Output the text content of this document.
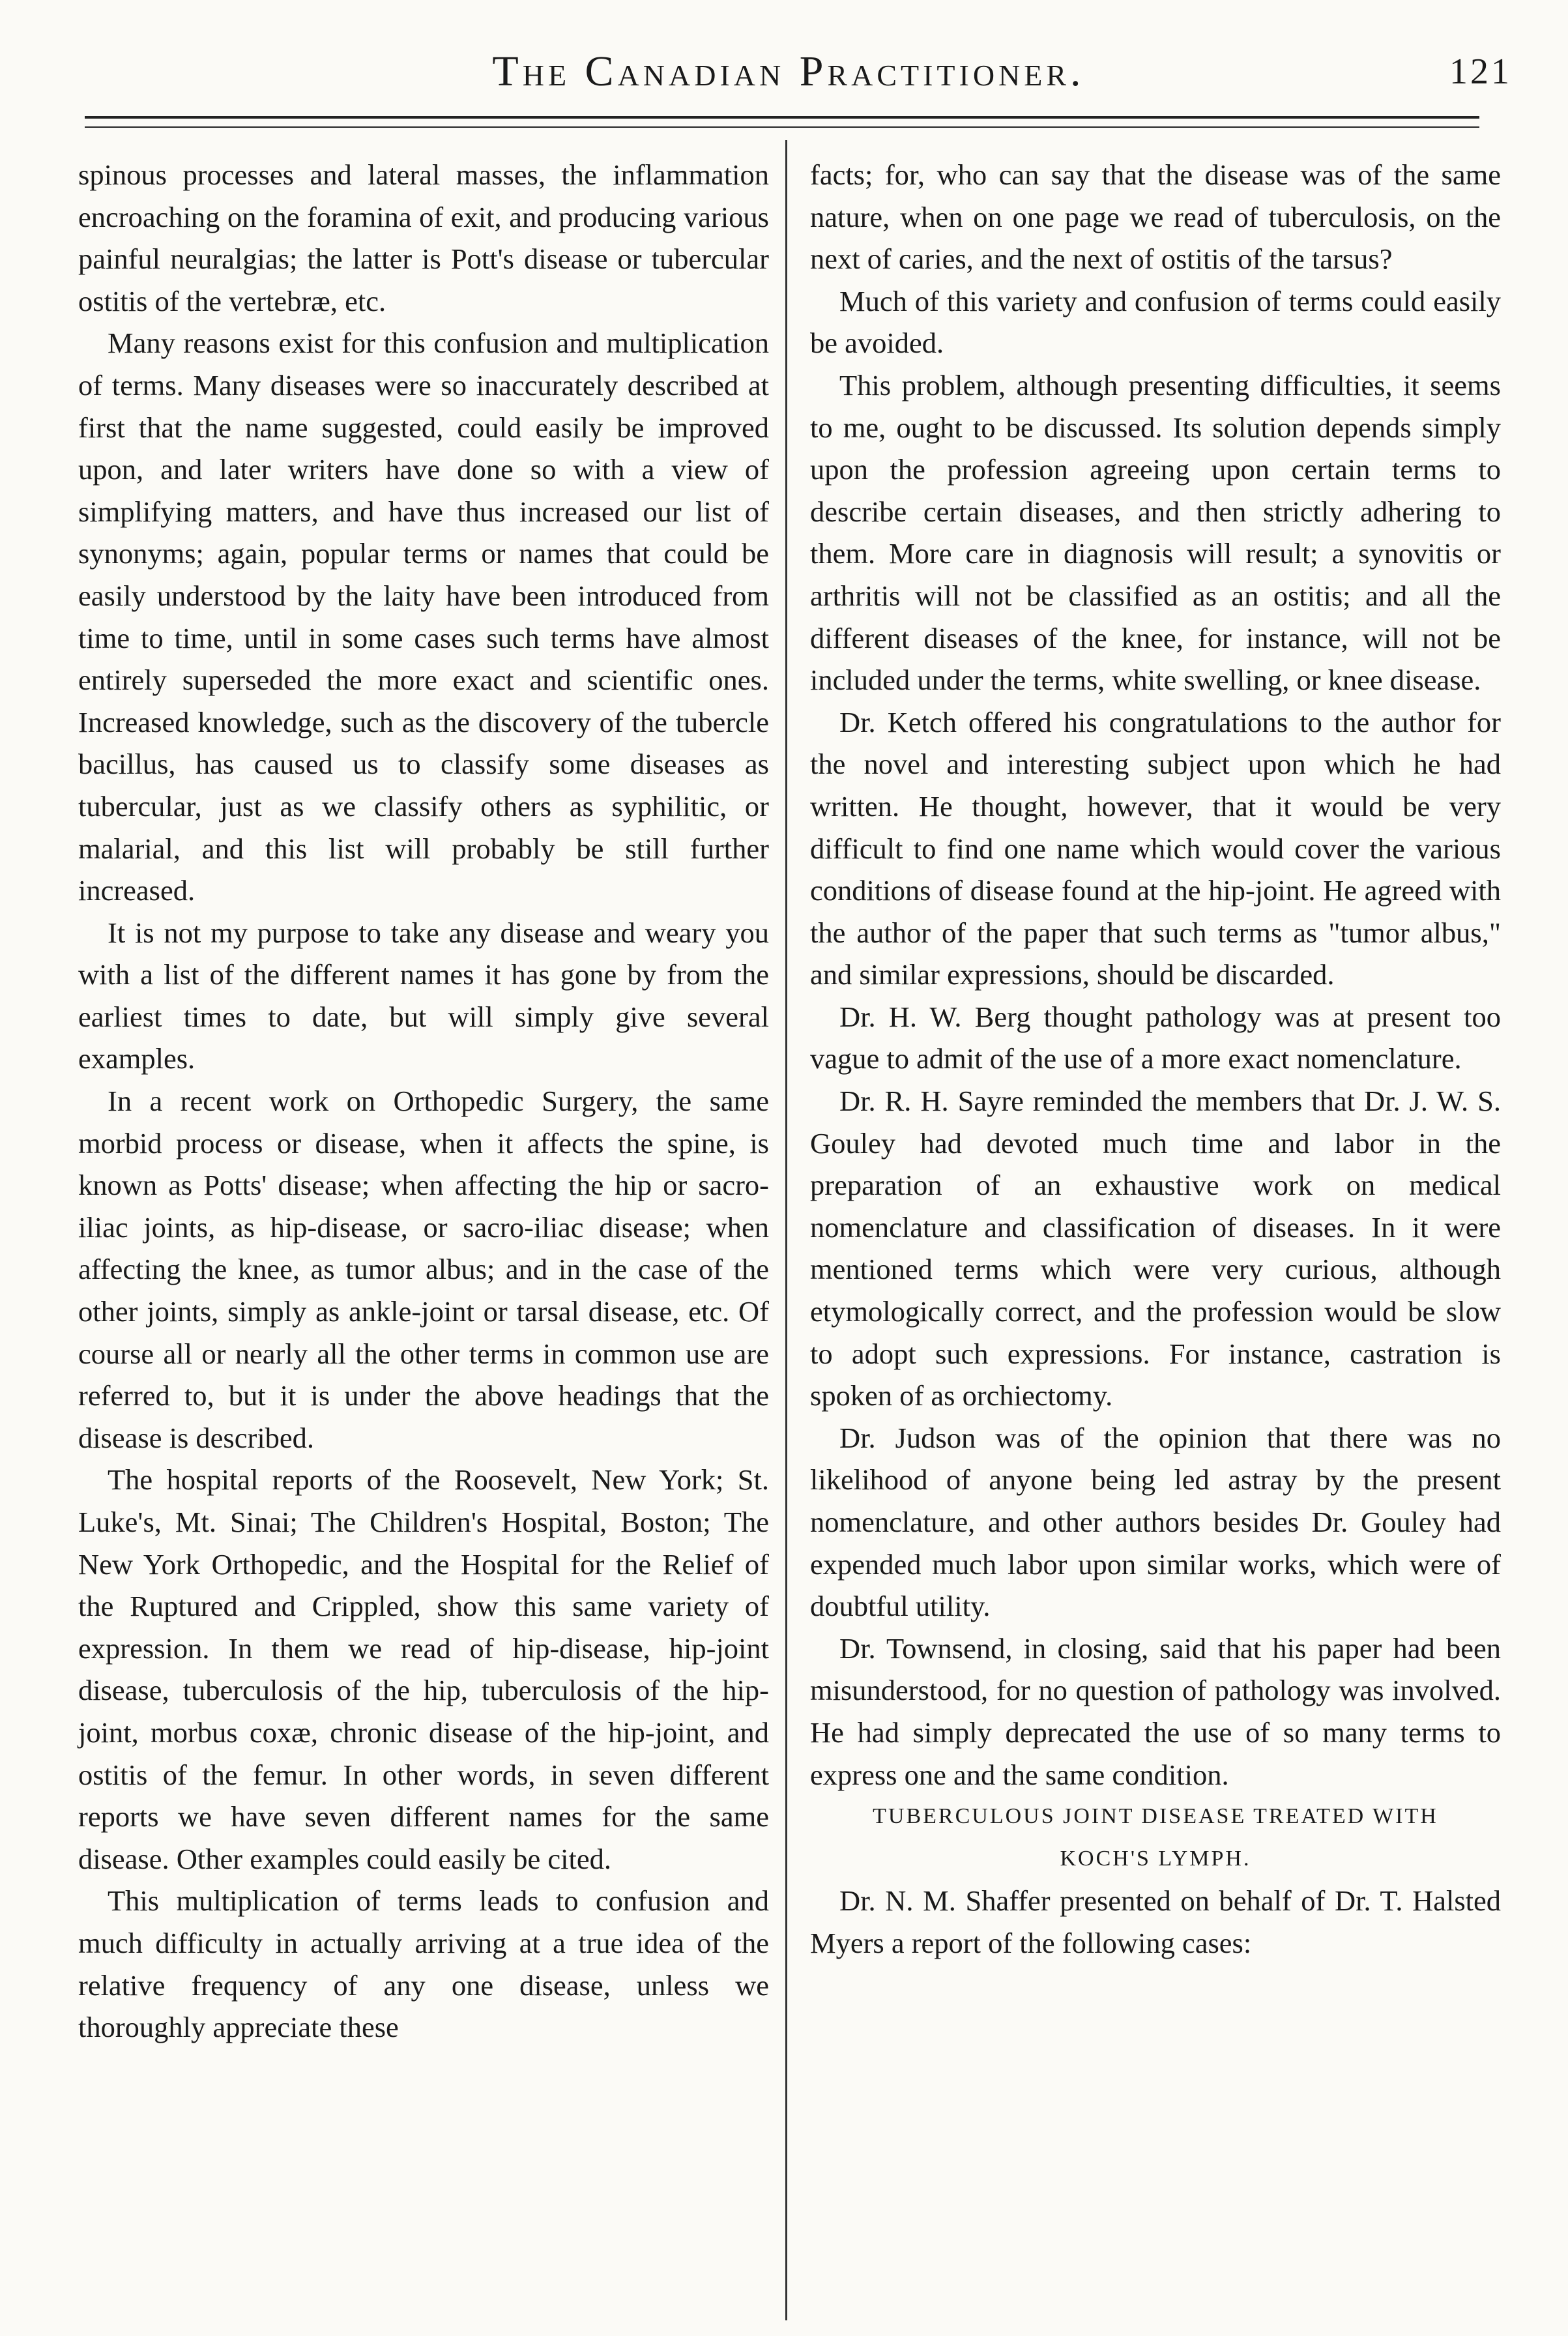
The Canadian Practitioner.	121

spinous processes and lateral masses, the inflammation encroaching on the foramina of exit, and producing various painful neuralgias; the latter is Pott's disease or tubercular ostitis of the vertebræ, etc.

Many reasons exist for this confusion and multiplication of terms. Many diseases were so inaccurately described at first that the name suggested, could easily be improved upon, and later writers have done so with a view of simplifying matters, and have thus increased our list of synonyms; again, popular terms or names that could be easily understood by the laity have been introduced from time to time, until in some cases such terms have almost entirely superseded the more exact and scientific ones. Increased knowledge, such as the discovery of the tubercle bacillus, has caused us to classify some diseases as tubercular, just as we classify others as syphilitic, or malarial, and this list will probably be still further increased.

It is not my purpose to take any disease and weary you with a list of the different names it has gone by from the earliest times to date, but will simply give several examples.

In a recent work on Orthopedic Surgery, the same morbid process or disease, when it affects the spine, is known as Potts' disease; when affecting the hip or sacro-iliac joints, as hip-disease, or sacro-iliac disease; when affecting the knee, as tumor albus; and in the case of the other joints, simply as ankle-joint or tarsal disease, etc. Of course all or nearly all the other terms in common use are referred to, but it is under the above headings that the disease is described.

The hospital reports of the Roosevelt, New York; St. Luke's, Mt. Sinai; The Children's Hospital, Boston; The New York Orthopedic, and the Hospital for the Relief of the Ruptured and Crippled, show this same variety of expression. In them we read of hip-disease, hip-joint disease, tuberculosis of the hip, tuberculosis of the hip-joint, morbus coxæ, chronic disease of the hip-joint, and ostitis of the femur. In other words, in seven different reports we have seven different names for the same disease. Other examples could easily be cited.

This multiplication of terms leads to confusion and much difficulty in actually arriving at a true idea of the relative frequency of any one disease, unless we thoroughly appreciate these

facts; for, who can say that the disease was of the same nature, when on one page we read of tuberculosis, on the next of caries, and the next of ostitis of the tarsus?

Much of this variety and confusion of terms could easily be avoided.

This problem, although presenting difficulties, it seems to me, ought to be discussed. Its solution depends simply upon the profession agreeing upon certain terms to describe certain diseases, and then strictly adhering to them. More care in diagnosis will result; a synovitis or arthritis will not be classified as an ostitis; and all the different diseases of the knee, for instance, will not be included under the terms, white swelling, or knee disease.

Dr. Ketch offered his congratulations to the author for the novel and interesting subject upon which he had written. He thought, however, that it would be very difficult to find one name which would cover the various conditions of disease found at the hip-joint. He agreed with the author of the paper that such terms as "tumor albus," and similar expressions, should be discarded.

Dr. H. W. Berg thought pathology was at present too vague to admit of the use of a more exact nomenclature.

Dr. R. H. Sayre reminded the members that Dr. J. W. S. Gouley had devoted much time and labor in the preparation of an exhaustive work on medical nomenclature and classification of diseases. In it were mentioned terms which were very curious, although etymologically correct, and the profession would be slow to adopt such expressions. For instance, castration is spoken of as orchiectomy.

Dr. Judson was of the opinion that there was no likelihood of anyone being led astray by the present nomenclature, and other authors besides Dr. Gouley had expended much labor upon similar works, which were of doubtful utility.

Dr. Townsend, in closing, said that his paper had been misunderstood, for no question of pathology was involved. He had simply deprecated the use of so many terms to express one and the same condition.

TUBERCULOUS JOINT DISEASE TREATED WITH
KOCH'S LYMPH.

Dr. N. M. Shaffer presented on behalf of Dr. T. Halsted Myers a report of the following cases:
